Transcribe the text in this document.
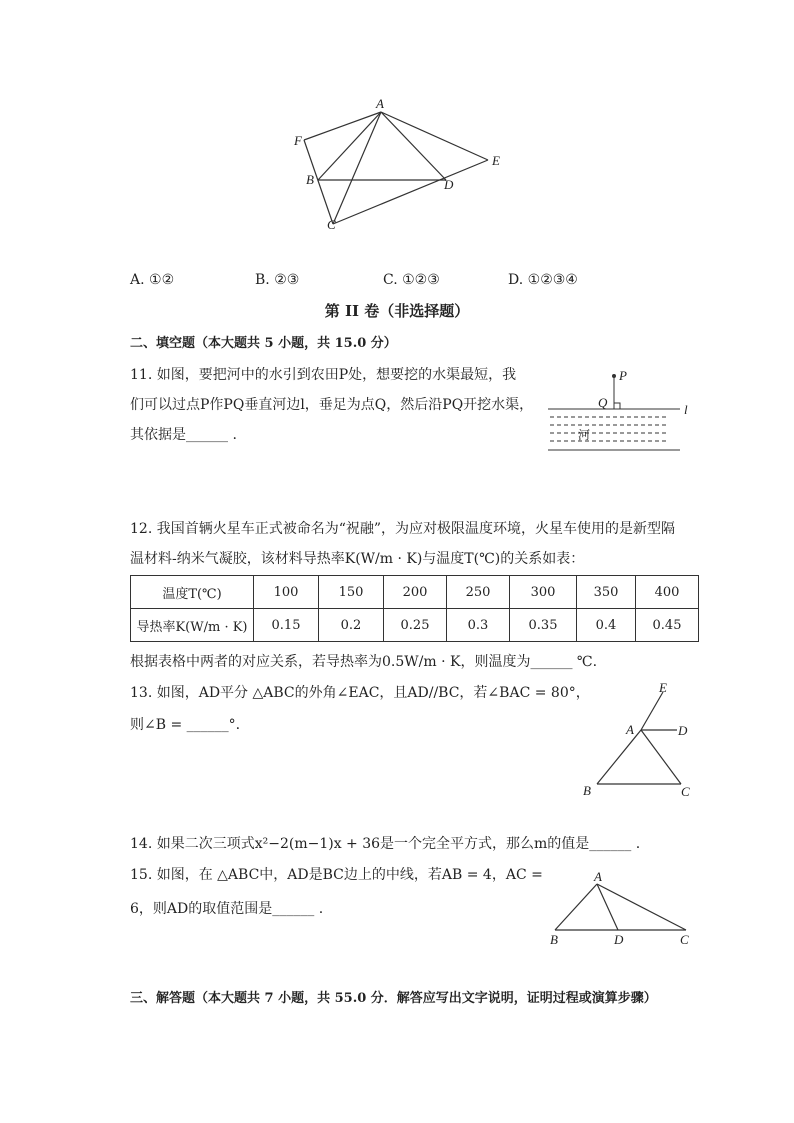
A
F
B	D
E
C
A. ①②	B. ②③	C. ①②③	D. ①②③④
第 II 卷（非选择题）
二、填空题（本大题共 5 小题，共 15.0 分）
11. 如图，要把河中的水引到农田P处，想要挖的水渠最短，我
们可以过点P作PQ垂直河边l，垂足为点Q，然后沿PQ开挖水渠，
其依据是______ .
P
Q	l
河
12. 我国首辆火星车正式被命名为“祝融”，为应对极限温度环境，火星车使用的是新型隔
温材料-纳米气凝胶，该材料导热率K(W/m · K)与温度T(℃)的关系如表：
温度T(℃)	100	150	200	250	300	350	400
导热率K(W/m · K)	0.15	0.2	0.25	0.3	0.35	0.4	0.45
根据表格中两者的对应关系，若导热率为0.5W/m · K，则温度为______ ℃.
13. 如图，AD平分 △ABC的外角∠EAC，且AD//BC，若∠BAC = 80°，
则∠B = ______°.
E
A	D
B	C
14. 如果二次三项式x²−2(m−1)x + 36是一个完全平方式，那么m的值是______ .
15. 如图，在 △ABC中，AD是BC边上的中线，若AB = 4，AC =
6，则AD的取值范围是______ .
A
B	D	C
三、解答题（本大题共 7 小题，共 55.0 分．解答应写出文字说明，证明过程或演算步骤）
